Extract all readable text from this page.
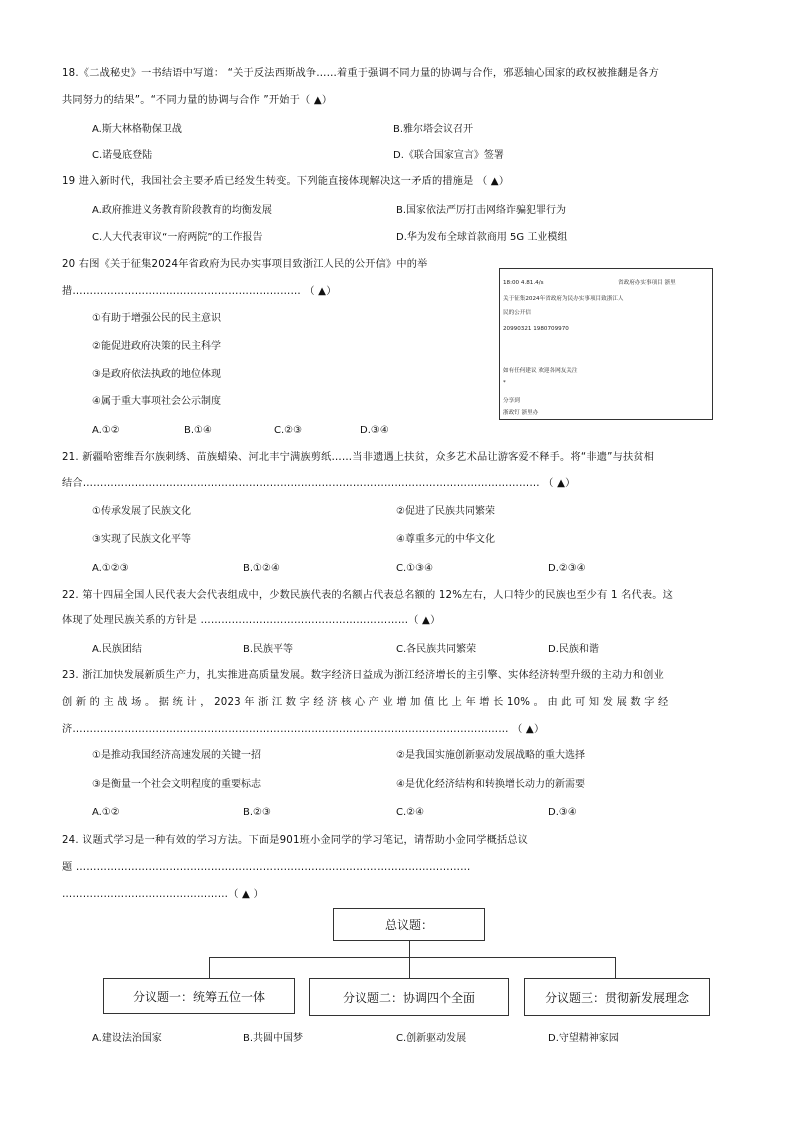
18.《二战秘史》一书结语中写道： “关于反法西斯战争……着重于强调不同力量的协调与合作，邪恶轴心国家的政权被推翻是各方
共同努力的结果”。“不同力量的协调与合作 ”开始于（ ▲）
A.斯大林格勒保卫战	B.雅尔塔会议召开
C.诺曼底登陆	D.《联合国家宣言》签署
19 进入新时代，我国社会主要矛盾已经发生转变。下列能直接体现解决这一矛盾的措施是 （ ▲）
A.政府推进义务教育阶段教育的均衡发展	B.国家依法严厉打击网络诈骗犯罪行为
C.人大代表审议“一府两院”的工作报告	D.华为发布全球首款商用 5G 工业模组
20 右图《关于征集2024年省政府为民办实事项目致浙江人民的公开信》中的举
措………………………………………………………… （ ▲）
①有助于增强公民的民主意识
②能促进政府决策的民主科学
③是政府依法执政的地位体现
④属于重大事项社会公示制度
A.①②	B.①④	C.②③	D.③④
18:00 4.81.4/s	省政府办实事项目 浙里
关于征集2024年省政府为民办实事项目致浙江人
民的公开信
20990321 1980709970
如有任何建议 欢迎各网友关注
*
分享到
浙政钉 浙里办
21. 新疆哈密维吾尔族刺绣、苗族蜡染、河北丰宁满族剪纸……当非遗遇上扶贫，众多艺术品让游客爱不释手。将“非遗”与扶贫相
结合…………………………………………………………………………………………………………………… （ ▲）
①传承发展了民族文化	②促进了民族共同繁荣
③实现了民族文化平等	④尊重多元的中华文化
A.①②③	B.①②④	C.①③④	D.②③④
22. 第十四届全国人民代表大会代表组成中，少数民族代表的名额占代表总名额的 12%左右，人口特少的民族也至少有 1 名代表。这
体现了处理民族关系的方针是 ……………………………………………………（ ▲）
A.民族团结	B.民族平等	C.各民族共同繁荣	D.民族和谐
23. 浙江加快发展新质生产力，扎实推进高质量发展。数字经济日益成为浙江经济增长的主引擎、实体经济转型升级的主动力和创业
创 新 的 主 战 场 。 据 统 计 ， 2023 年 浙 江 数 字 经 济 核 心 产 业 增 加 值 比 上 年 增 长 10% 。 由 此 可 知 发 展 数 字 经
济……………………………………………………………………………………………………………… （ ▲）
①是推动我国经济高速发展的关键一招	②是我国实施创新驱动发展战略的重大选择
③是衡量一个社会文明程度的重要标志	④是优化经济结构和转换增长动力的新需要
A.①②	B.②③	C.②④	D.③④
24. 议题式学习是一种有效的学习方法。下面是901班小金同学的学习笔记，请帮助小金同学概括总议
题 ……………………………………………………………………………………………………
…………………………………………（ ▲ ）
总议题：
分议题一：统筹五位一体	分议题二：协调四个全面	分议题三：贯彻新发展理念
A.建设法治国家	B.共圆中国梦	C.创新驱动发展	D.守望精神家园
